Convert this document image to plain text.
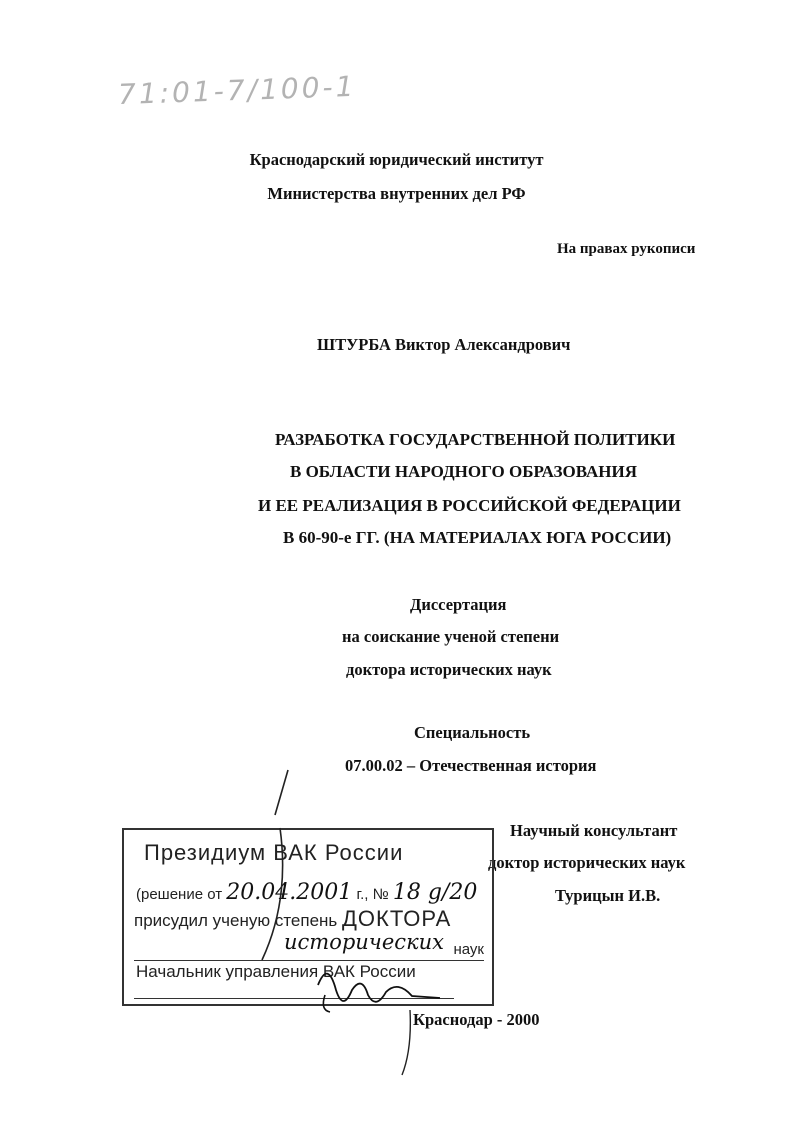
71:01-7/100-1
Краснодарский юридический институт
Министерства внутренних дел РФ
На правах рукописи
ШТУРБА Виктор Александрович
РАЗРАБОТКА ГОСУДАРСТВЕННОЙ ПОЛИТИКИ
В ОБЛАСТИ НАРОДНОГО ОБРАЗОВАНИЯ
И ЕЕ РЕАЛИЗАЦИЯ В РОССИЙСКОЙ ФЕДЕРАЦИИ
В 60-90-е ГГ. (НА МАТЕРИАЛАХ ЮГА РОССИИ)
Диссертация
на соискание ученой степени
доктора исторических наук
Специальность
07.00.02 – Отечественная история
Научный консультант
доктор исторических наук
Турицын И.В.
Президиум ВАК России
(решение от 20.04.2001 г., № 18 g/20
присудил ученую степень ДОКТОРА
исторических наук
Начальник управления ВАК России
Краснодар - 2000
